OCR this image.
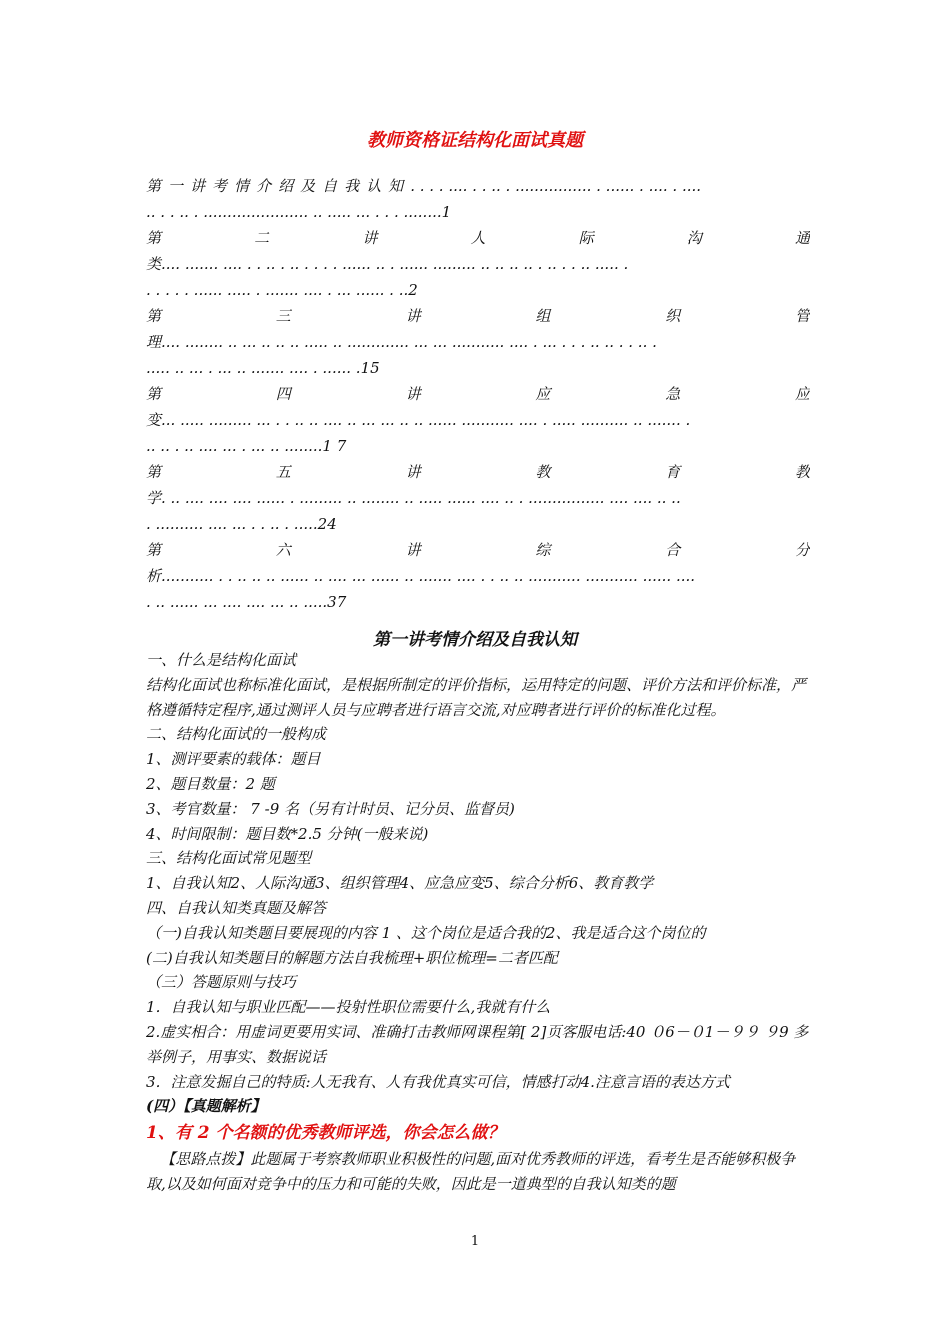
教师资格证结构化面试真题
第 一 讲 考 情 介 绍 及 自 我 认 知 . . . . .... . . .. . ................ . ...... . .... . ....
.. . . .. . ...................... .. ..... ... . . . ........1
第	二	讲	人	际	沟	通
类.... ....... .... . . .. . .. . . . . ...... .. . ...... ......... .. .. .. .. . .. . . .. ..... .
. . . . . ...... ..... . ....... .... . ... ...... . ..2
第	三	讲	组	织	管
理.... ........ .. ... .. .. .. ..... .. ............. ... ... ........... .... . ... . . . .. .. . . .. .
..... .. ... . ... .. ....... .... . ...... .15
第	四	讲	应	急	应
变... ..... ......... ... . . .. .. .... .. ... ... .. .. ...... ........... .... . ..... .......... .. ....... .
.. .. . .. .... ... . ... .. ........1 7
第	五	讲	教	育	教
学. .. .... .... .... ...... . ......... .. ........ .. ..... ...... .... .. . ................ .... .... .. ..
. .......... .... ... . . .. . .....24
第	六	讲	综	合	分
析........... . . .. .. .. ...... .. .... ... ...... .. ....... .... . . .. .. ........... ........... ...... ....
. .. ...... ... .... .... ... .. .....37
第一讲考情介绍及自我认知

一、什么是结构化面试

结构化面试也称标准化面试，是根据所制定的评价指标，运用特定的问题、评价方法和评价标准，严格遵循特定程序,通过测评人员与应聘者进行语言交流,对应聘者进行评价的标准化过程。

二、结构化面试的一般构成

1、测评要素的载体：题目

2、题目数量：2 题

3、考官数量： 7 -9 名（另有计时员、记分员、监督员)

4、时间限制：题目数*2.5 分钟(一般来说)

三、结构化面试常见题型

1、自我认知2、人际沟通3、组织管理4、应急应变5、综合分析6、教育教学

四、自我认知类真题及解答

（一)自我认知类题目要展现的内容 1 、这个岗位是适合我的2、我是适合这个岗位的

(二)自我认知类题目的解题方法自我梳理+职位梳理=二者匹配

（三）答题原则与技巧

1．自我认知与职业匹配——投射性职位需要什么,我就有什么

2.虚实相合：用虚词更要用实词、准确打击教师网课程第[ 2]页客服电话:40 ０6－０1－９９ ９9 多举例子，用事实、数据说话

3．注意发掘自己的特质:人无我有、人有我优真实可信，情感打动4.注意言语的表达方式

(四）【真题解析】

1、有 2 个名额的优秀教师评选，你会怎么做？

【思路点拨】此题属于考察教师职业积极性的问题,面对优秀教师的评选，看考生是否能够积极争取,以及如何面对竞争中的压力和可能的失败，因此是一道典型的自我认知类的题

1
